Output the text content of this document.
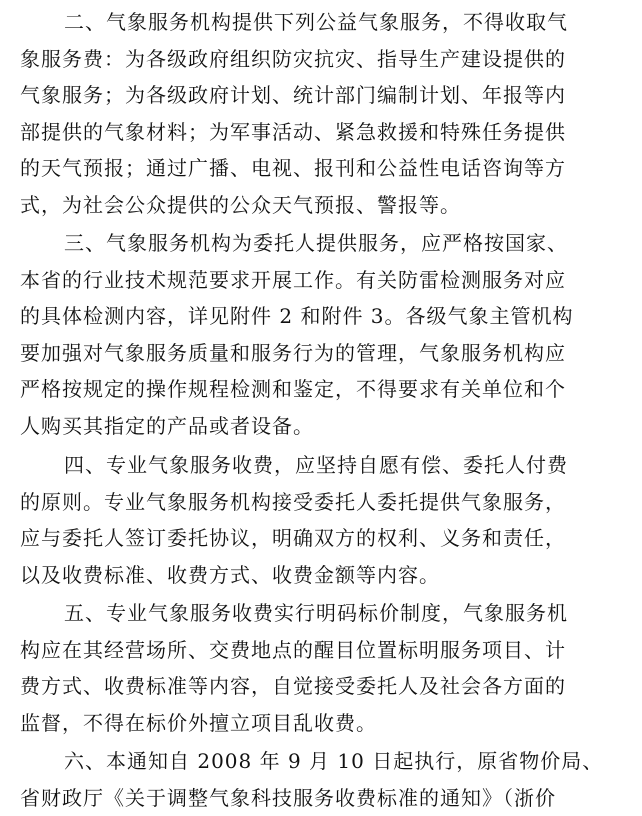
二、气象服务机构提供下列公益气象服务，不得收取气
象服务费：为各级政府组织防灾抗灾、指导生产建设提供的
气象服务；为各级政府计划、统计部门编制计划、年报等内
部提供的气象材料；为军事活动、紧急救援和特殊任务提供
的天气预报；通过广播、电视、报刊和公益性电话咨询等方
式，为社会公众提供的公众天气预报、警报等。
三、气象服务机构为委托人提供服务，应严格按国家、
本省的行业技术规范要求开展工作。有关防雷检测服务对应
的具体检测内容，详见附件 2 和附件 3。各级气象主管机构
要加强对气象服务质量和服务行为的管理，气象服务机构应
严格按规定的操作规程检测和鉴定，不得要求有关单位和个
人购买其指定的产品或者设备。
四、专业气象服务收费，应坚持自愿有偿、委托人付费
的原则。专业气象服务机构接受委托人委托提供气象服务，
应与委托人签订委托协议，明确双方的权利、义务和责任，
以及收费标准、收费方式、收费金额等内容。
五、专业气象服务收费实行明码标价制度，气象服务机
构应在其经营场所、交费地点的醒目位置标明服务项目、计
费方式、收费标准等内容，自觉接受委托人及社会各方面的
监督，不得在标价外擅立项目乱收费。
六、本通知自 2008 年 9 月 10 日起执行，原省物价局、
省财政厅《关于调整气象科技服务收费标准的通知》（浙价
